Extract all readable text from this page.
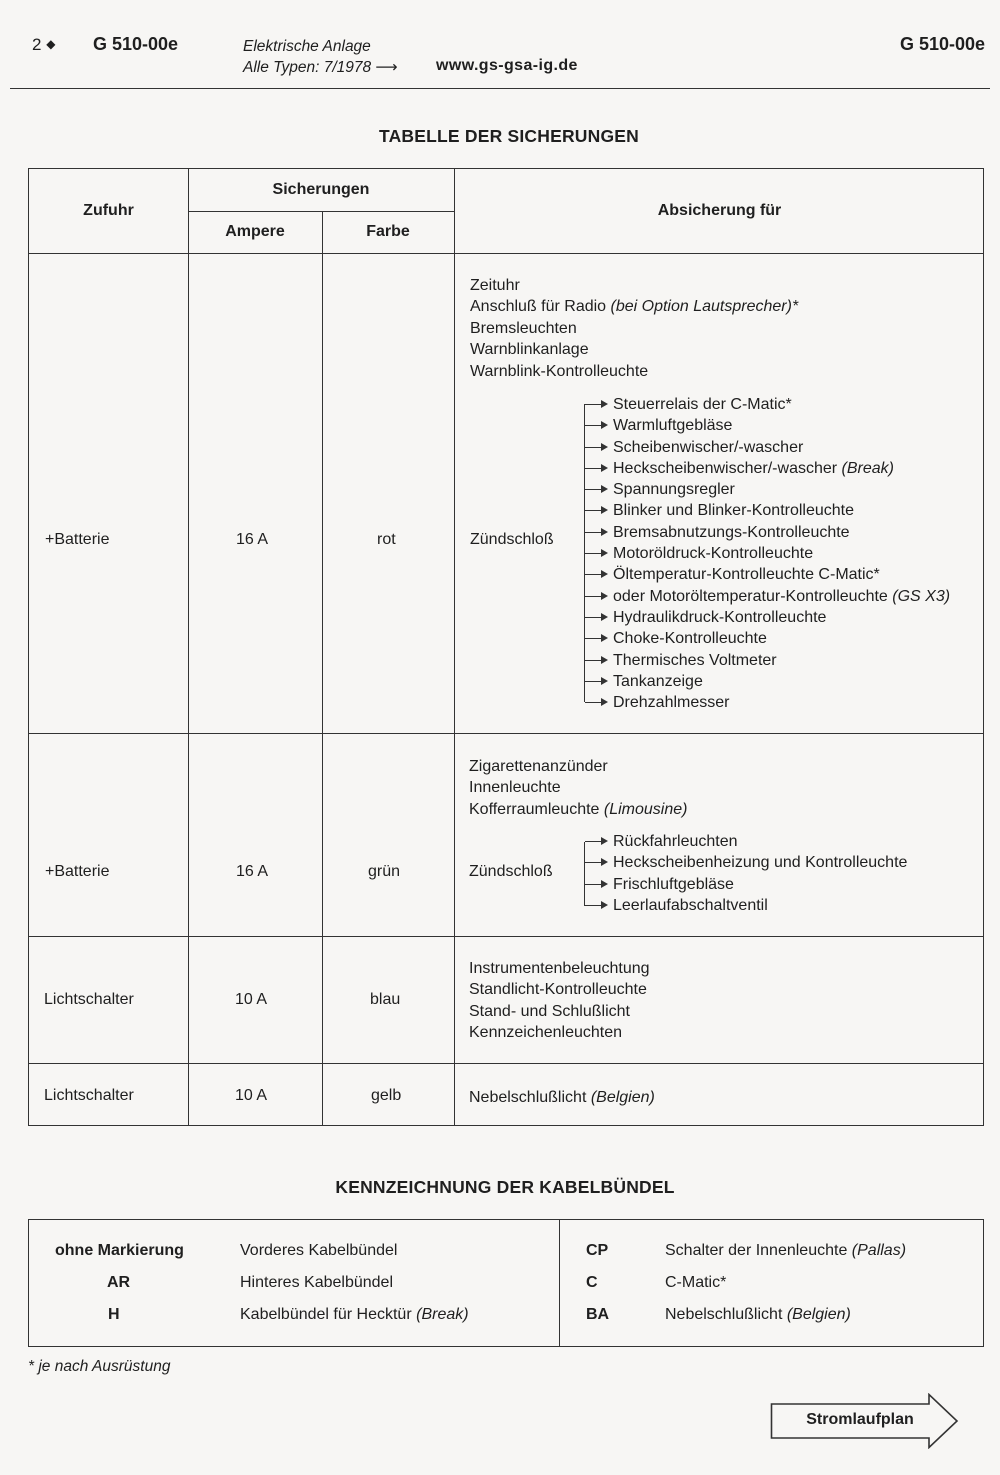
2 ◆ G 510-00e	Elektrische Anlage
Alle Typen: 7/1978 ⟶ www.gs-gsa-ig.de
G 510-00e
TABELLE DER SICHERUNGEN
Zufuhr
Sicherungen
Ampere	Farbe
Absicherung für
+Batterie	16 A	rot
Zeituhr
Anschluß für Radio (bei Option Lautsprecher)*
Bremsleuchten
Warnblinkanlage
Warnblink-Kontrolleuchte
Zündschloß
Steuerrelais der C-Matic*
Warmluftgebläse
Scheibenwischer/-wascher
Heckscheibenwischer/-wascher (Break)
Spannungsregler
Blinker und Blinker-Kontrolleuchte
Bremsabnutzungs-Kontrolleuchte
Motoröldruck-Kontrolleuchte
Öltemperatur-Kontrolleuchte C-Matic*
oder Motoröltemperatur-Kontrolleuchte (GS X3)
Hydraulikdruck-Kontrolleuchte
Choke-Kontrolleuchte
Thermisches Voltmeter
Tankanzeige
Drehzahlmesser
+Batterie	16 A	grün
Zigarettenanzünder
Innenleuchte
Kofferraumleuchte (Limousine)
Zündschloß
Rückfahrleuchten
Heckscheibenheizung und Kontrolleuchte
Frischluftgebläse
Leerlaufabschaltventil
Lichtschalter	10 A	blau
Instrumentenbeleuchtung
Standlicht-Kontrolleuchte
Stand- und Schlußlicht
Kennzeichenleuchten
Lichtschalter	10 A	gelb	Nebelschlußlicht (Belgien)
KENNZEICHNUNG DER KABELBÜNDEL
ohne Markierung	Vorderes Kabelbündel
AR	Hinteres Kabelbündel
H	Kabelbündel für Hecktür (Break)
CP	Schalter der Innenleuchte (Pallas)
C	C-Matic*
BA	Nebelschlußlicht (Belgien)
* je nach Ausrüstung
Stromlaufplan
